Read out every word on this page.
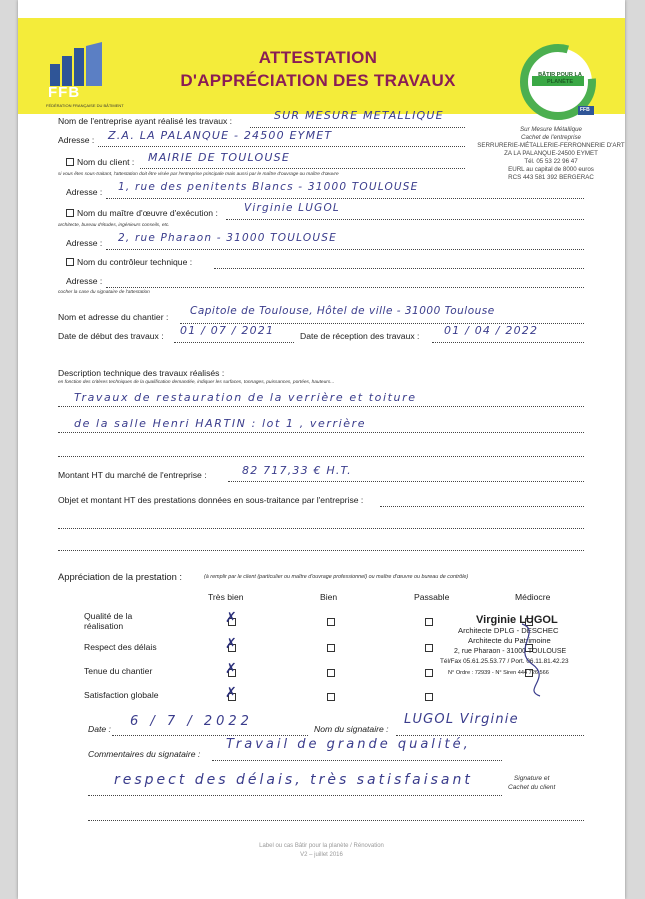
FFB
FÉDÉRATION FRANÇAISE DU BÂTIMENT
ATTESTATION
D'APPRÉCIATION DES TRAVAUX	BÂTIR POUR LA PLANÈTE
FFB
Sur Mesure Métallique
Cachet de l'entreprise
SERRURERIE-MÉTALLERIE-FERRONNERIE D'ART
ZA LA PALANQUE-24500 EYMET
Tél. 05 53 22 96 47
EURL au capital de 8000 euros
RCS 443 581 392 BERGERAC
Nom de l'entreprise ayant réalisé les travaux :	SUR MESURE METALLIQUE
Adresse : Z.A. LA PALANQUE - 24500 EYMET
Nom du client : MAIRIE DE TOULOUSE
si vous êtes sous-traitant, l'attestation doit être visée par l'entreprise principale mais aussi par le maître d'ouvrage ou maître d'œuvre
Adresse : 1, rue des penitents Blancs - 31000 TOULOUSE
Nom du maître d'œuvre d'exécution : Virginie LUGOL
architecte, bureau d'études, ingénieurs conseils, etc.
Adresse : 2, rue Pharaon - 31000 TOULOUSE
Nom du contrôleur technique :
Adresse :
cocher la case du signataire de l'attestation
Nom et adresse du chantier : Capitole de Toulouse, Hôtel de ville - 31000 Toulouse
Date de début des travaux : 01 / 07 / 2021	Date de réception des travaux : 01 / 04 / 2022
Description technique des travaux réalisés :
en fonction des critères techniques de la qualification demandée, indiquer les surfaces, tonnages, puissances, portées, hauteurs...
Travaux de restauration de la verrière et toiture
de la salle Henri HARTIN : lot 1 , verrière
Montant HT du marché de l'entreprise :	82 717,33 € H.T.
Objet et montant HT des prestations données en sous-traitance par l'entreprise :
Appréciation de la prestation :	(à remplir par le client (particulier ou maître d'ouvrage professionnel) ou maître d'œuvre ou bureau de contrôle)
Très bien	Bien	Passable	Médiocre
Qualité de la
réalisation	✗
Respect des délais	✗
Tenue du chantier	✗
Satisfaction globale	✗
Virginie LUGOL
Architecte DPLG - DESCHEC
Architecte du Patrimoine
2, rue Pharaon - 31000 TOULOUSE
Tél/Fax 05.61.25.53.77 / Port. 06.11.81.42.23
N° Ordre : 72939 - N° Siren 444 726 566
Date : 6 / 7 / 2022	Nom du signataire :
LUGOL Virginie
Commentaires du signataire :
Travail de grande qualité,
respect des délais, très satisfaisant	Signature et
Cachet du client
Label ou cas Bâtir pour la planète / Rénovation
V2 – juillet 2016
